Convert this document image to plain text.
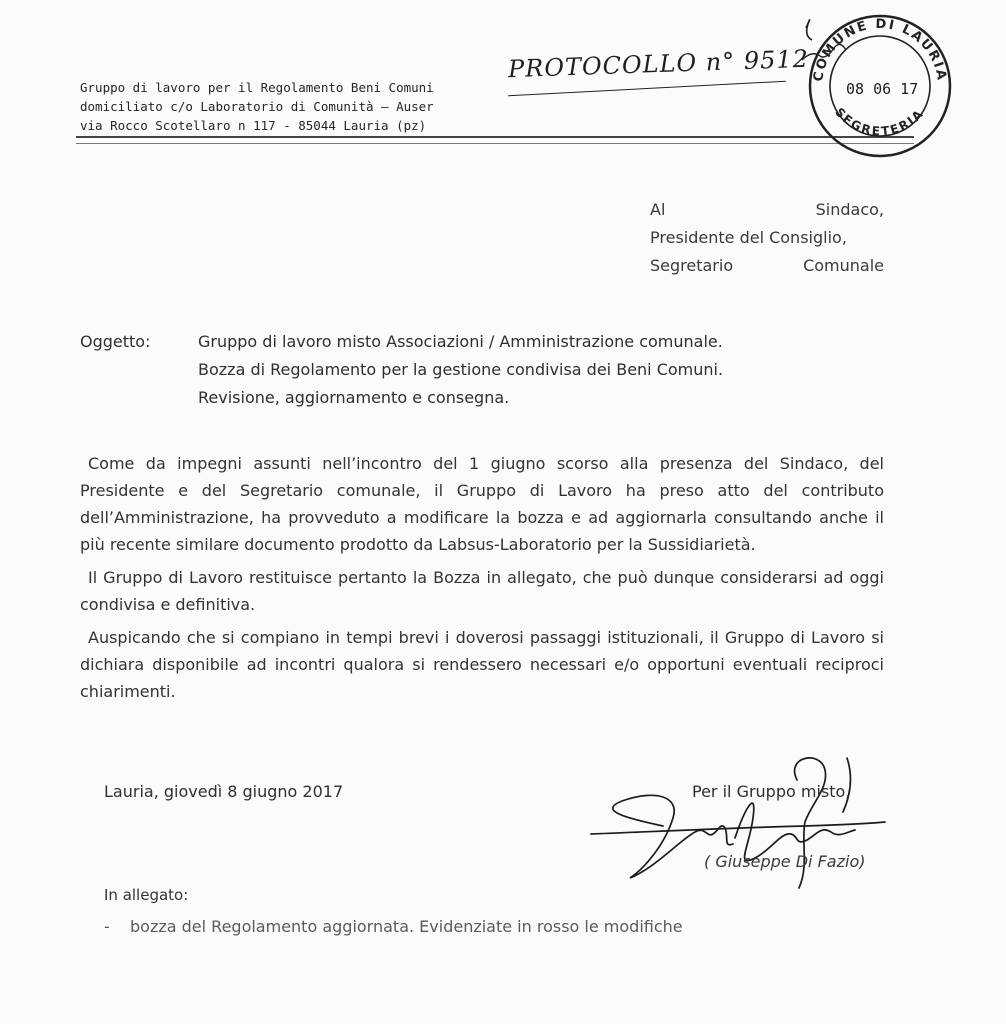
Gruppo di lavoro per il Regolamento Beni Comuni
domiciliato c/o Laboratorio di Comunità – Auser
via Rocco Scotellaro n 117 - 85044 Lauria (pz)
PROTOCOLLO n° 9512 COMUNE DI LAURIA
SEGRETERIA
08 06 17
Al	Sindaco,
Presidente del Consiglio,
Segretario	Comunale
Oggetto:	Gruppo di lavoro misto Associazioni / Amministrazione comunale.
Bozza di Regolamento per la gestione condivisa dei Beni Comuni.
Revisione, aggiornamento e consegna.

Come da impegni assunti nell’incontro del 1 giugno scorso alla presenza del Sindaco, del Presidente e del Segretario comunale, il Gruppo di Lavoro ha preso atto del contributo dell’Amministrazione, ha provveduto a modificare la bozza e ad aggiornarla consultando anche il più recente similare documento prodotto da Labsus-Laboratorio per la Sussidiarietà.

Il Gruppo di Lavoro restituisce pertanto la Bozza in allegato, che può dunque considerarsi ad oggi condivisa e definitiva.

Auspicando che si compiano in tempi brevi i doverosi passaggi istituzionali, il Gruppo di Lavoro si dichiara disponibile ad incontri qualora si rendessero necessari e/o opportuni eventuali reciproci chiarimenti.

Lauria, giovedì 8 giugno 2017	Per il Gruppo misto,
( Giuseppe Di Fazio)
In allegato:
- bozza del Regolamento aggiornata. Evidenziate in rosso le modifiche
